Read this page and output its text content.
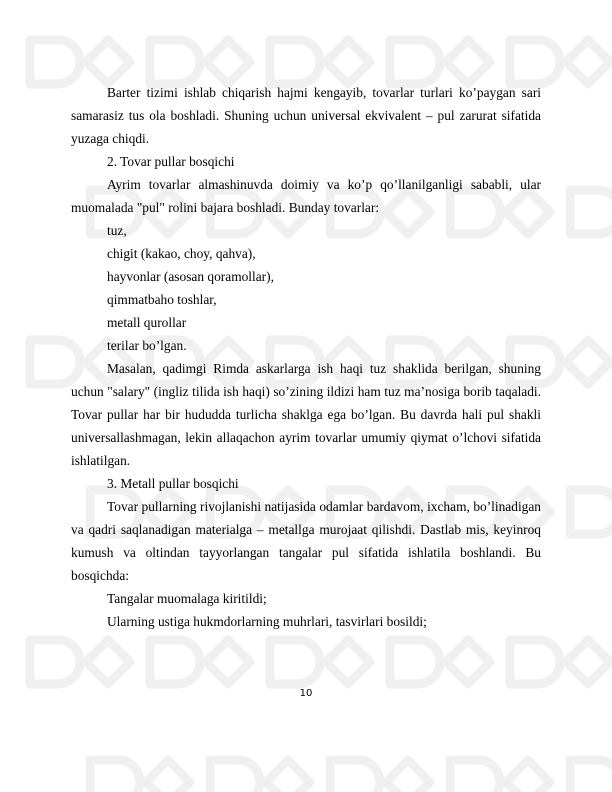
Barter tizimi ishlab chiqarish hajmi kengayib, tovarlar turlari ko’paygan sari samarasiz tus ola boshladi. Shuning uchun universal ekvivalent – pul zarurat sifatida yuzaga chiqdi.

2. Tovar pullar bosqichi

Ayrim tovarlar almashinuvda doimiy va ko’p qo’llanilganligi sababli, ular muomalada "pul" rolini bajara boshladi. Bunday tovarlar:

tuz,

chigit (kakao, choy, qahva),

hayvonlar (asosan qoramollar),

qimmatbaho toshlar,

metall qurollar

terilar bo’lgan.

Masalan, qadimgi Rimda askarlarga ish haqi tuz shaklida berilgan, shuning uchun "salary" (ingliz tilida ish haqi) so’zining ildizi ham tuz ma’nosiga borib taqaladi. Tovar pullar har bir hududda turlicha shaklga ega bo’lgan. Bu davrda hali pul shakli universallashmagan, lekin allaqachon ayrim tovarlar umumiy qiymat o’lchovi sifatida ishlatilgan.

3. Metall pullar bosqichi

Tovar pullarning rivojlanishi natijasida odamlar bardavom, ixcham, bo’linadigan va qadri saqlanadigan materialga – metallga murojaat qilishdi. Dastlab mis, keyinroq kumush va oltindan tayyorlangan tangalar pul sifatida ishlatila boshlandi. Bu bosqichda:

Tangalar muomalaga kiritildi;

Ularning ustiga hukmdorlarning muhrlari, tasvirlari bosildi;

10
